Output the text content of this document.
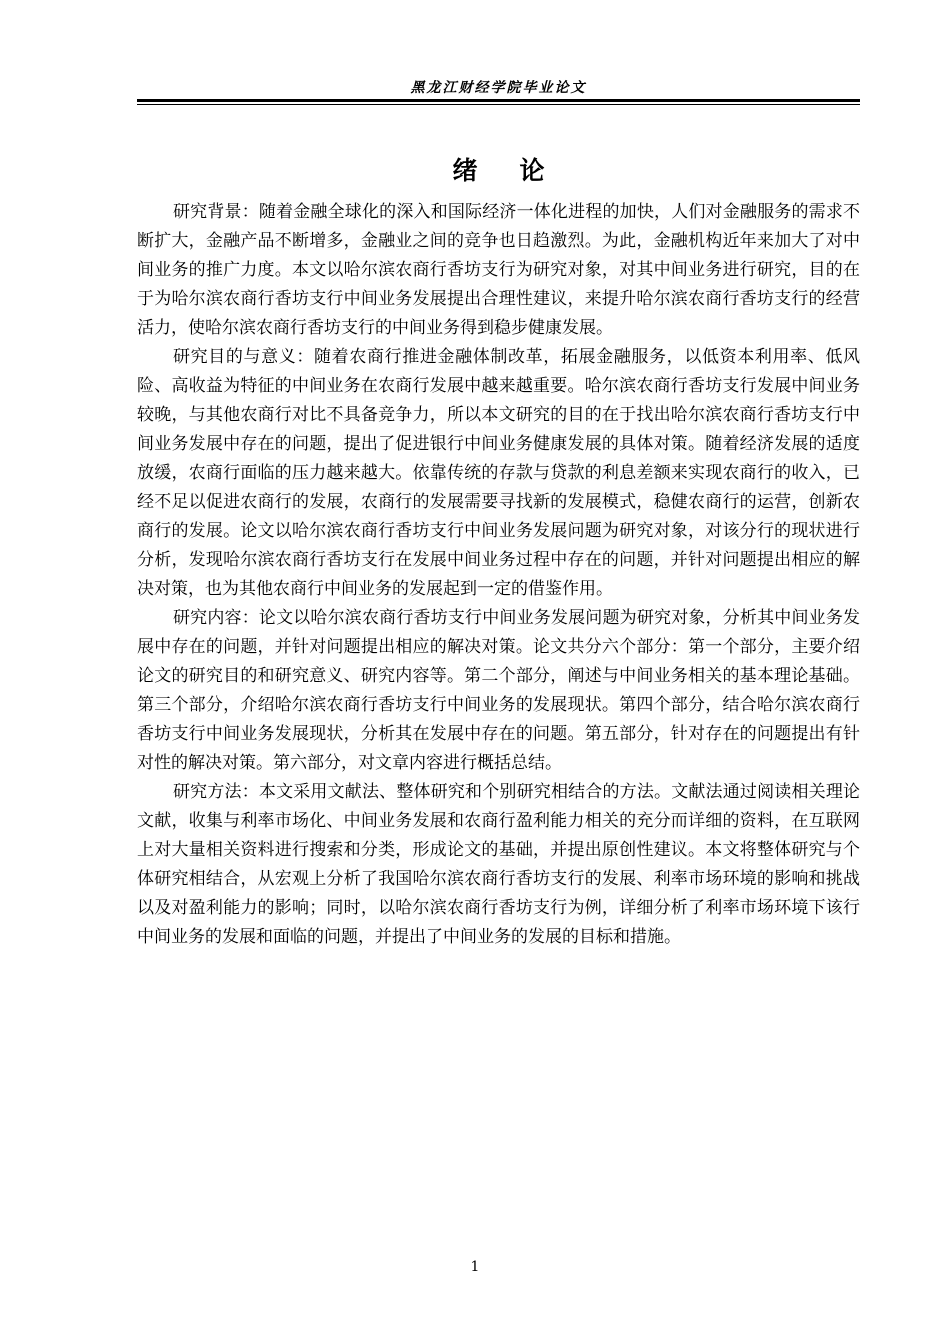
黑龙江财经学院毕业论文
绪论

研究背景：随着金融全球化的深入和国际经济一体化进程的加快，人们对金融服务的需求不断扩大，金融产品不断增多，金融业之间的竞争也日趋激烈。为此，金融机构近年来加大了对中间业务的推广力度。本文以哈尔滨农商行香坊支行为研究对象，对其中间业务进行研究，目的在于为哈尔滨农商行香坊支行中间业务发展提出合理性建议，来提升哈尔滨农商行香坊支行的经营活力，使哈尔滨农商行香坊支行的中间业务得到稳步健康发展。

研究目的与意义：随着农商行推进金融体制改革，拓展金融服务，以低资本利用率、低风险、高收益为特征的中间业务在农商行发展中越来越重要。哈尔滨农商行香坊支行发展中间业务较晚，与其他农商行对比不具备竞争力，所以本文研究的目的在于找出哈尔滨农商行香坊支行中间业务发展中存在的问题，提出了促进银行中间业务健康发展的具体对策。随着经济发展的适度放缓，农商行面临的压力越来越大。依靠传统的存款与贷款的利息差额来实现农商行的收入，已经不足以促进农商行的发展，农商行的发展需要寻找新的发展模式，稳健农商行的运营，创新农商行的发展。论文以哈尔滨农商行香坊支行中间业务发展问题为研究对象，对该分行的现状进行分析，发现哈尔滨农商行香坊支行在发展中间业务过程中存在的问题，并针对问题提出相应的解决对策，也为其他农商行中间业务的发展起到一定的借鉴作用。

研究内容：论文以哈尔滨农商行香坊支行中间业务发展问题为研究对象，分析其中间业务发展中存在的问题，并针对问题提出相应的解决对策。论文共分六个部分：第一个部分，主要介绍论文的研究目的和研究意义、研究内容等。第二个部分，阐述与中间业务相关的基本理论基础。第三个部分，介绍哈尔滨农商行香坊支行中间业务的发展现状。第四个部分，结合哈尔滨农商行香坊支行中间业务发展现状，分析其在发展中存在的问题。第五部分，针对存在的问题提出有针对性的解决对策。第六部分，对文章内容进行概括总结。

研究方法：本文采用文献法、整体研究和个别研究相结合的方法。文献法通过阅读相关理论文献，收集与利率市场化、中间业务发展和农商行盈利能力相关的充分而详细的资料，在互联网上对大量相关资料进行搜索和分类，形成论文的基础，并提出原创性建议。本文将整体研究与个体研究相结合，从宏观上分析了我国哈尔滨农商行香坊支行的发展、利率市场环境的影响和挑战以及对盈利能力的影响；同时，以哈尔滨农商行香坊支行为例，详细分析了利率市场环境下该行中间业务的发展和面临的问题，并提出了中间业务的发展的目标和措施。

1
